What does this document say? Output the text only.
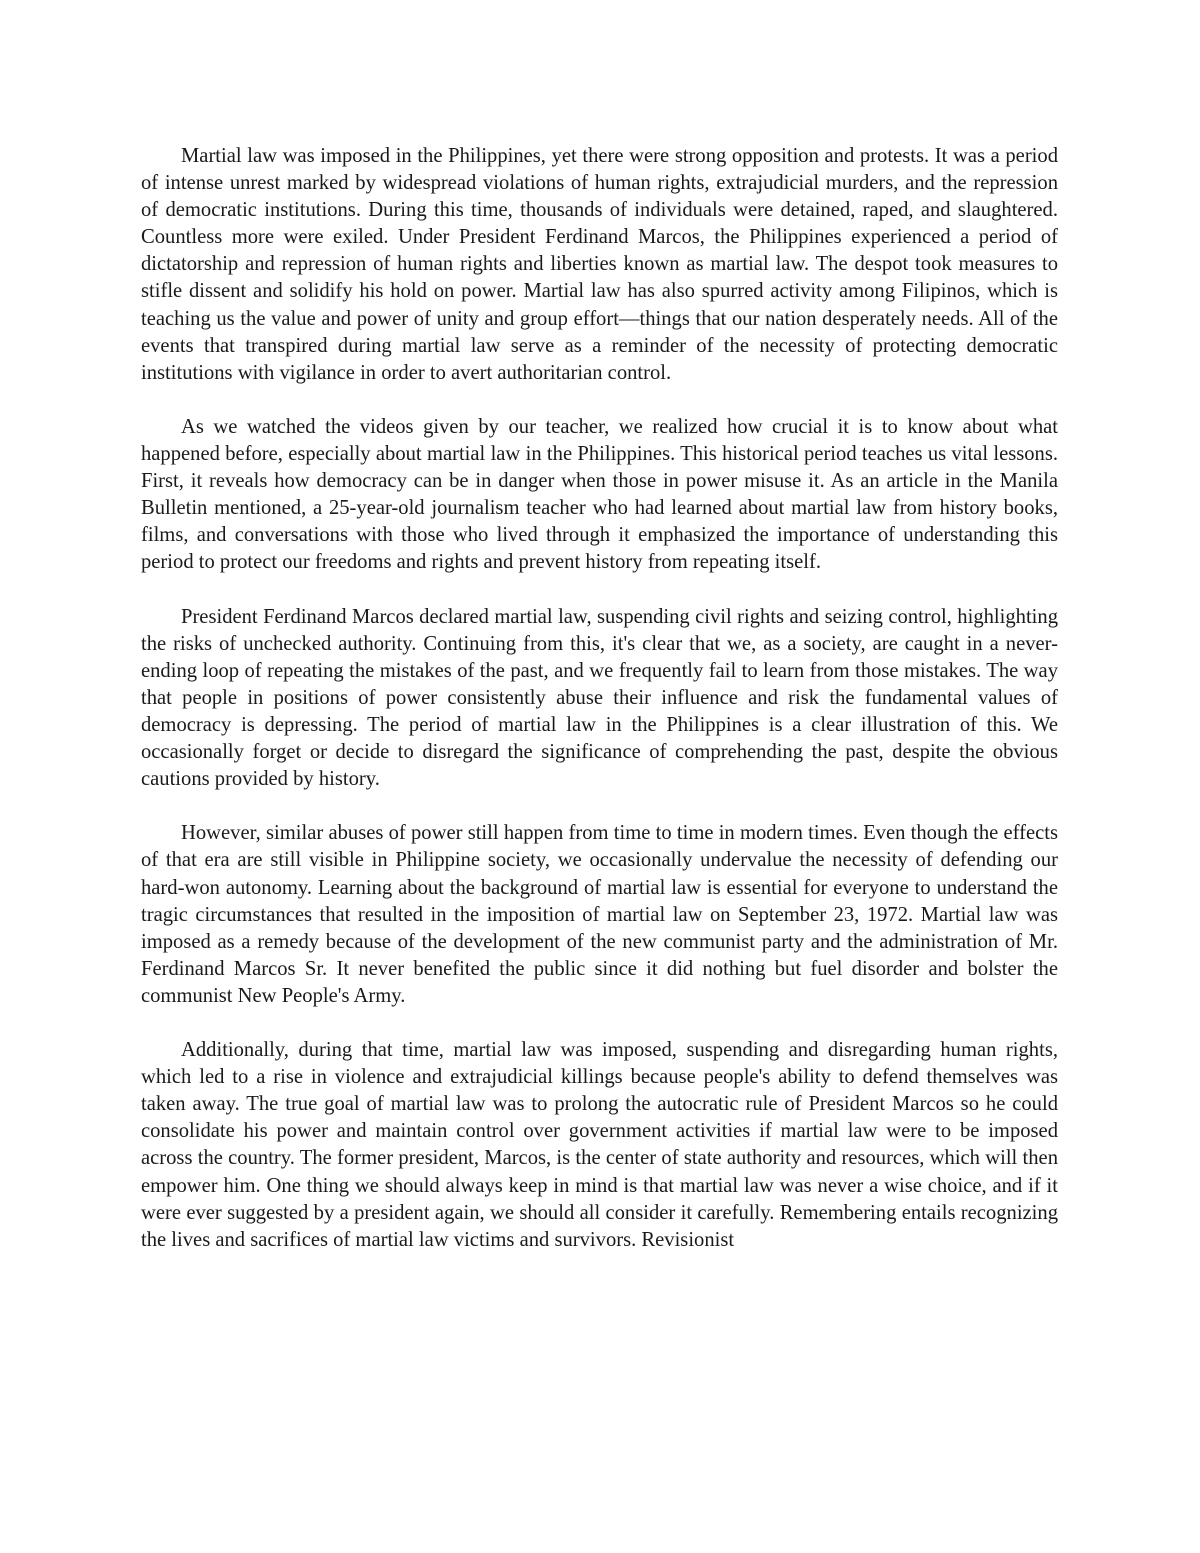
Martial law was imposed in the Philippines, yet there were strong opposition and protests. It was a period of intense unrest marked by widespread violations of human rights, extrajudicial murders, and the repression of democratic institutions. During this time, thousands of individuals were detained, raped, and slaughtered. Countless more were exiled. Under President Ferdinand Marcos, the Philippines experienced a period of dictatorship and repression of human rights and liberties known as martial law. The despot took measures to stifle dissent and solidify his hold on power. Martial law has also spurred activity among Filipinos, which is teaching us the value and power of unity and group effort—things that our nation desperately needs. All of the events that transpired during martial law serve as a reminder of the necessity of protecting democratic institutions with vigilance in order to avert authoritarian control.

As we watched the videos given by our teacher, we realized how crucial it is to know about what happened before, especially about martial law in the Philippines. This historical period teaches us vital lessons. First, it reveals how democracy can be in danger when those in power misuse it. As an article in the Manila Bulletin mentioned, a 25-year-old journalism teacher who had learned about martial law from history books, films, and conversations with those who lived through it emphasized the importance of understanding this period to protect our freedoms and rights and prevent history from repeating itself.

President Ferdinand Marcos declared martial law, suspending civil rights and seizing control, highlighting the risks of unchecked authority. Continuing from this, it's clear that we, as a society, are caught in a never-ending loop of repeating the mistakes of the past, and we frequently fail to learn from those mistakes. The way that people in positions of power consistently abuse their influence and risk the fundamental values of democracy is depressing. The period of martial law in the Philippines is a clear illustration of this. We occasionally forget or decide to disregard the significance of comprehending the past, despite the obvious cautions provided by history.

However, similar abuses of power still happen from time to time in modern times. Even though the effects of that era are still visible in Philippine society, we occasionally undervalue the necessity of defending our hard-won autonomy. Learning about the background of martial law is essential for everyone to understand the tragic circumstances that resulted in the imposition of martial law on September 23, 1972. Martial law was imposed as a remedy because of the development of the new communist party and the administration of Mr. Ferdinand Marcos Sr. It never benefited the public since it did nothing but fuel disorder and bolster the communist New People's Army.

Additionally, during that time, martial law was imposed, suspending and disregarding human rights, which led to a rise in violence and extrajudicial killings because people's ability to defend themselves was taken away. The true goal of martial law was to prolong the autocratic rule of President Marcos so he could consolidate his power and maintain control over government activities if martial law were to be imposed across the country. The former president, Marcos, is the center of state authority and resources, which will then empower him. One thing we should always keep in mind is that martial law was never a wise choice, and if it were ever suggested by a president again, we should all consider it carefully. Remembering entails recognizing the lives and sacrifices of martial law victims and survivors. Revisionist
